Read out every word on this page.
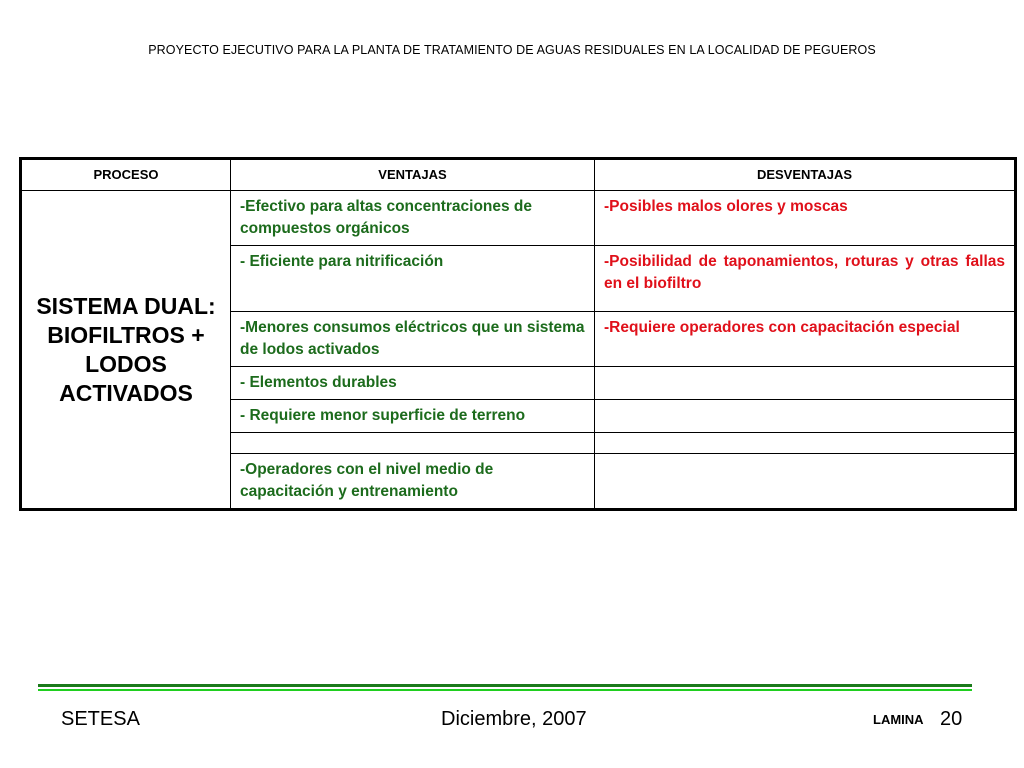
PROYECTO EJECUTIVO PARA LA PLANTA DE TRATAMIENTO DE AGUAS RESIDUALES EN LA LOCALIDAD DE PEGUEROS
PROCESO	VENTAJAS	DESVENTAJAS
SISTEMA DUAL: BIOFILTROS + LODOS ACTIVADOS	-Efectivo para altas concentraciones de compuestos orgánicos	-Posibles malos olores y moscas
	- Eficiente para nitrificación	-Posibilidad de taponamientos, roturas y otras fallas en el biofiltro
	-Menores consumos eléctricos que un sistema de lodos activados	-Requiere operadores con capacitación especial
	- Elementos durables	
	- Requiere menor superficie de terreno	

	-Operadores con el nivel medio de capacitación y entrenamiento	
SETESA	Diciembre, 2007	LAMINA 20
